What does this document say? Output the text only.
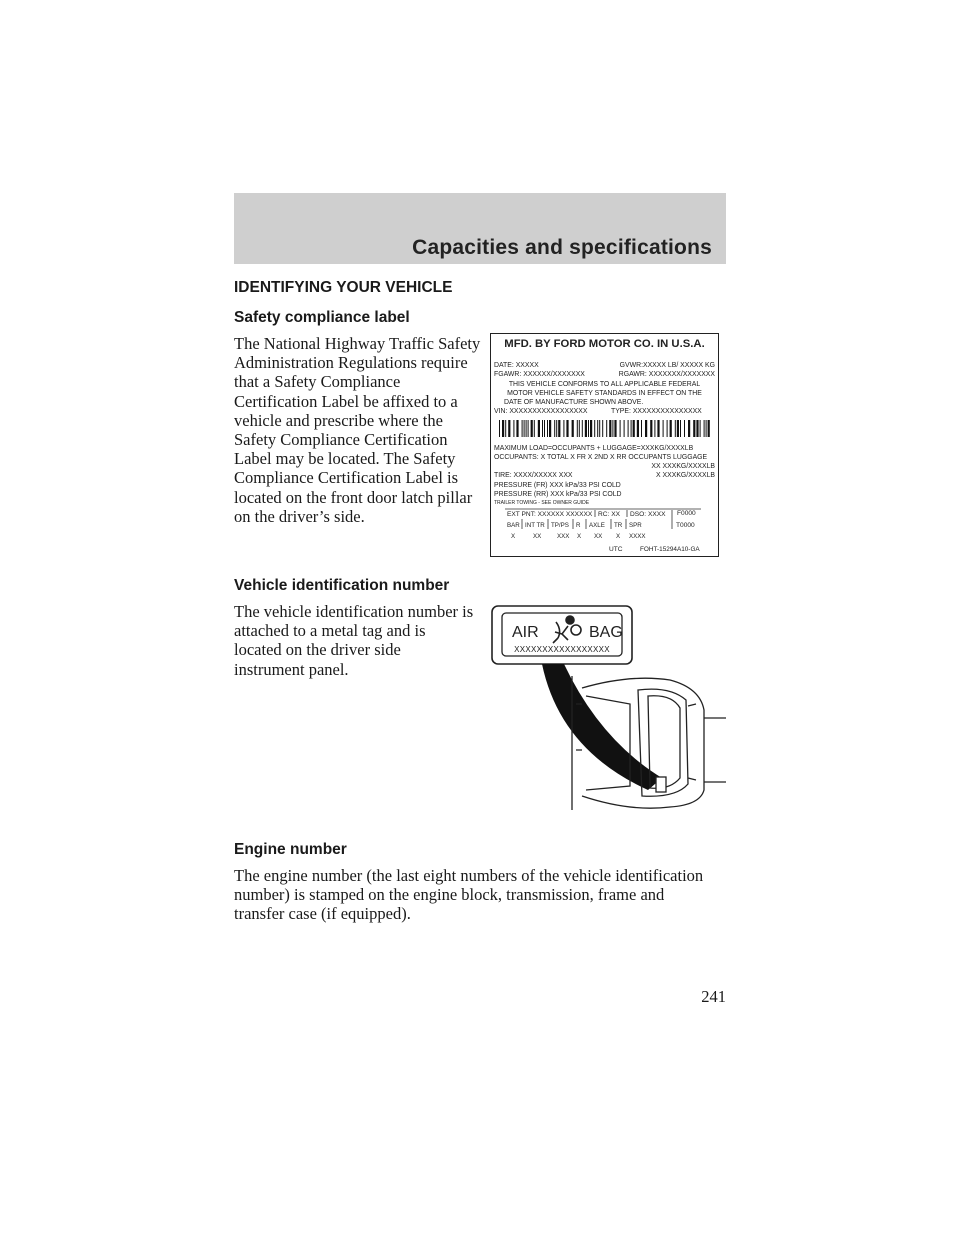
Capacities and specifications
IDENTIFYING YOUR VEHICLE
Safety compliance label
The National Highway Traffic Safety
Administration Regulations require
that a Safety Compliance
Certification Label be affixed to a
vehicle and prescribe where the
Safety Compliance Certification
Label may be located. The Safety
Compliance Certification Label is
located on the front door latch pillar
on the driver’s side.
MFD. BY FORD MOTOR CO. IN U.S.A.
DATE: XXXXX	GVWR:XXXXX LB/ XXXXX KG
FGAWR: XXXXXX/XXXXXXX	RGAWR: XXXXXXX/XXXXXXX
THIS VEHICLE CONFORMS TO ALL APPLICABLE FEDERAL
MOTOR VEHICLE SAFETY STANDARDS IN EFFECT ON THE
DATE OF MANUFACTURE SHOWN ABOVE.
VIN: XXXXXXXXXXXXXXXXX	TYPE: XXXXXXXXXXXXXXX
MAXIMUM LOAD=OCCUPANTS + LUGGAGE=XXXKG/XXXXLB
OCCUPANTS: X TOTAL X FR X 2ND X RR OCCUPANTS LUGGAGE
XX XXXKG/XXXXLB
TIRE: XXXX/XXXXX XXX	X XXXKG/XXXXLB
PRESSURE (FR) XXX kPa/33 PSI COLD
PRESSURE (RR) XXX kPa/33 PSI COLD
TRAILER TOWING - SEE OWNER GUIDE
EXT PNT: XXXXXX XXXXXX RC: XX DSO: XXXX F0000
T0000
BAR INT TR TP/PS R AXLE TR SPR
X	XX	XXX X XX X XXXX
UTC	FOHT-15294A10-GA
Vehicle identification number
The vehicle identification number is
attached to a metal tag and is
located on the driver side
instrument panel.
AIR	BAG
XXXXXXXXXXXXXXXXX
Engine number
The engine number (the last eight numbers of the vehicle identification
number) is stamped on the engine block, transmission, frame and
transfer case (if equipped).
241
